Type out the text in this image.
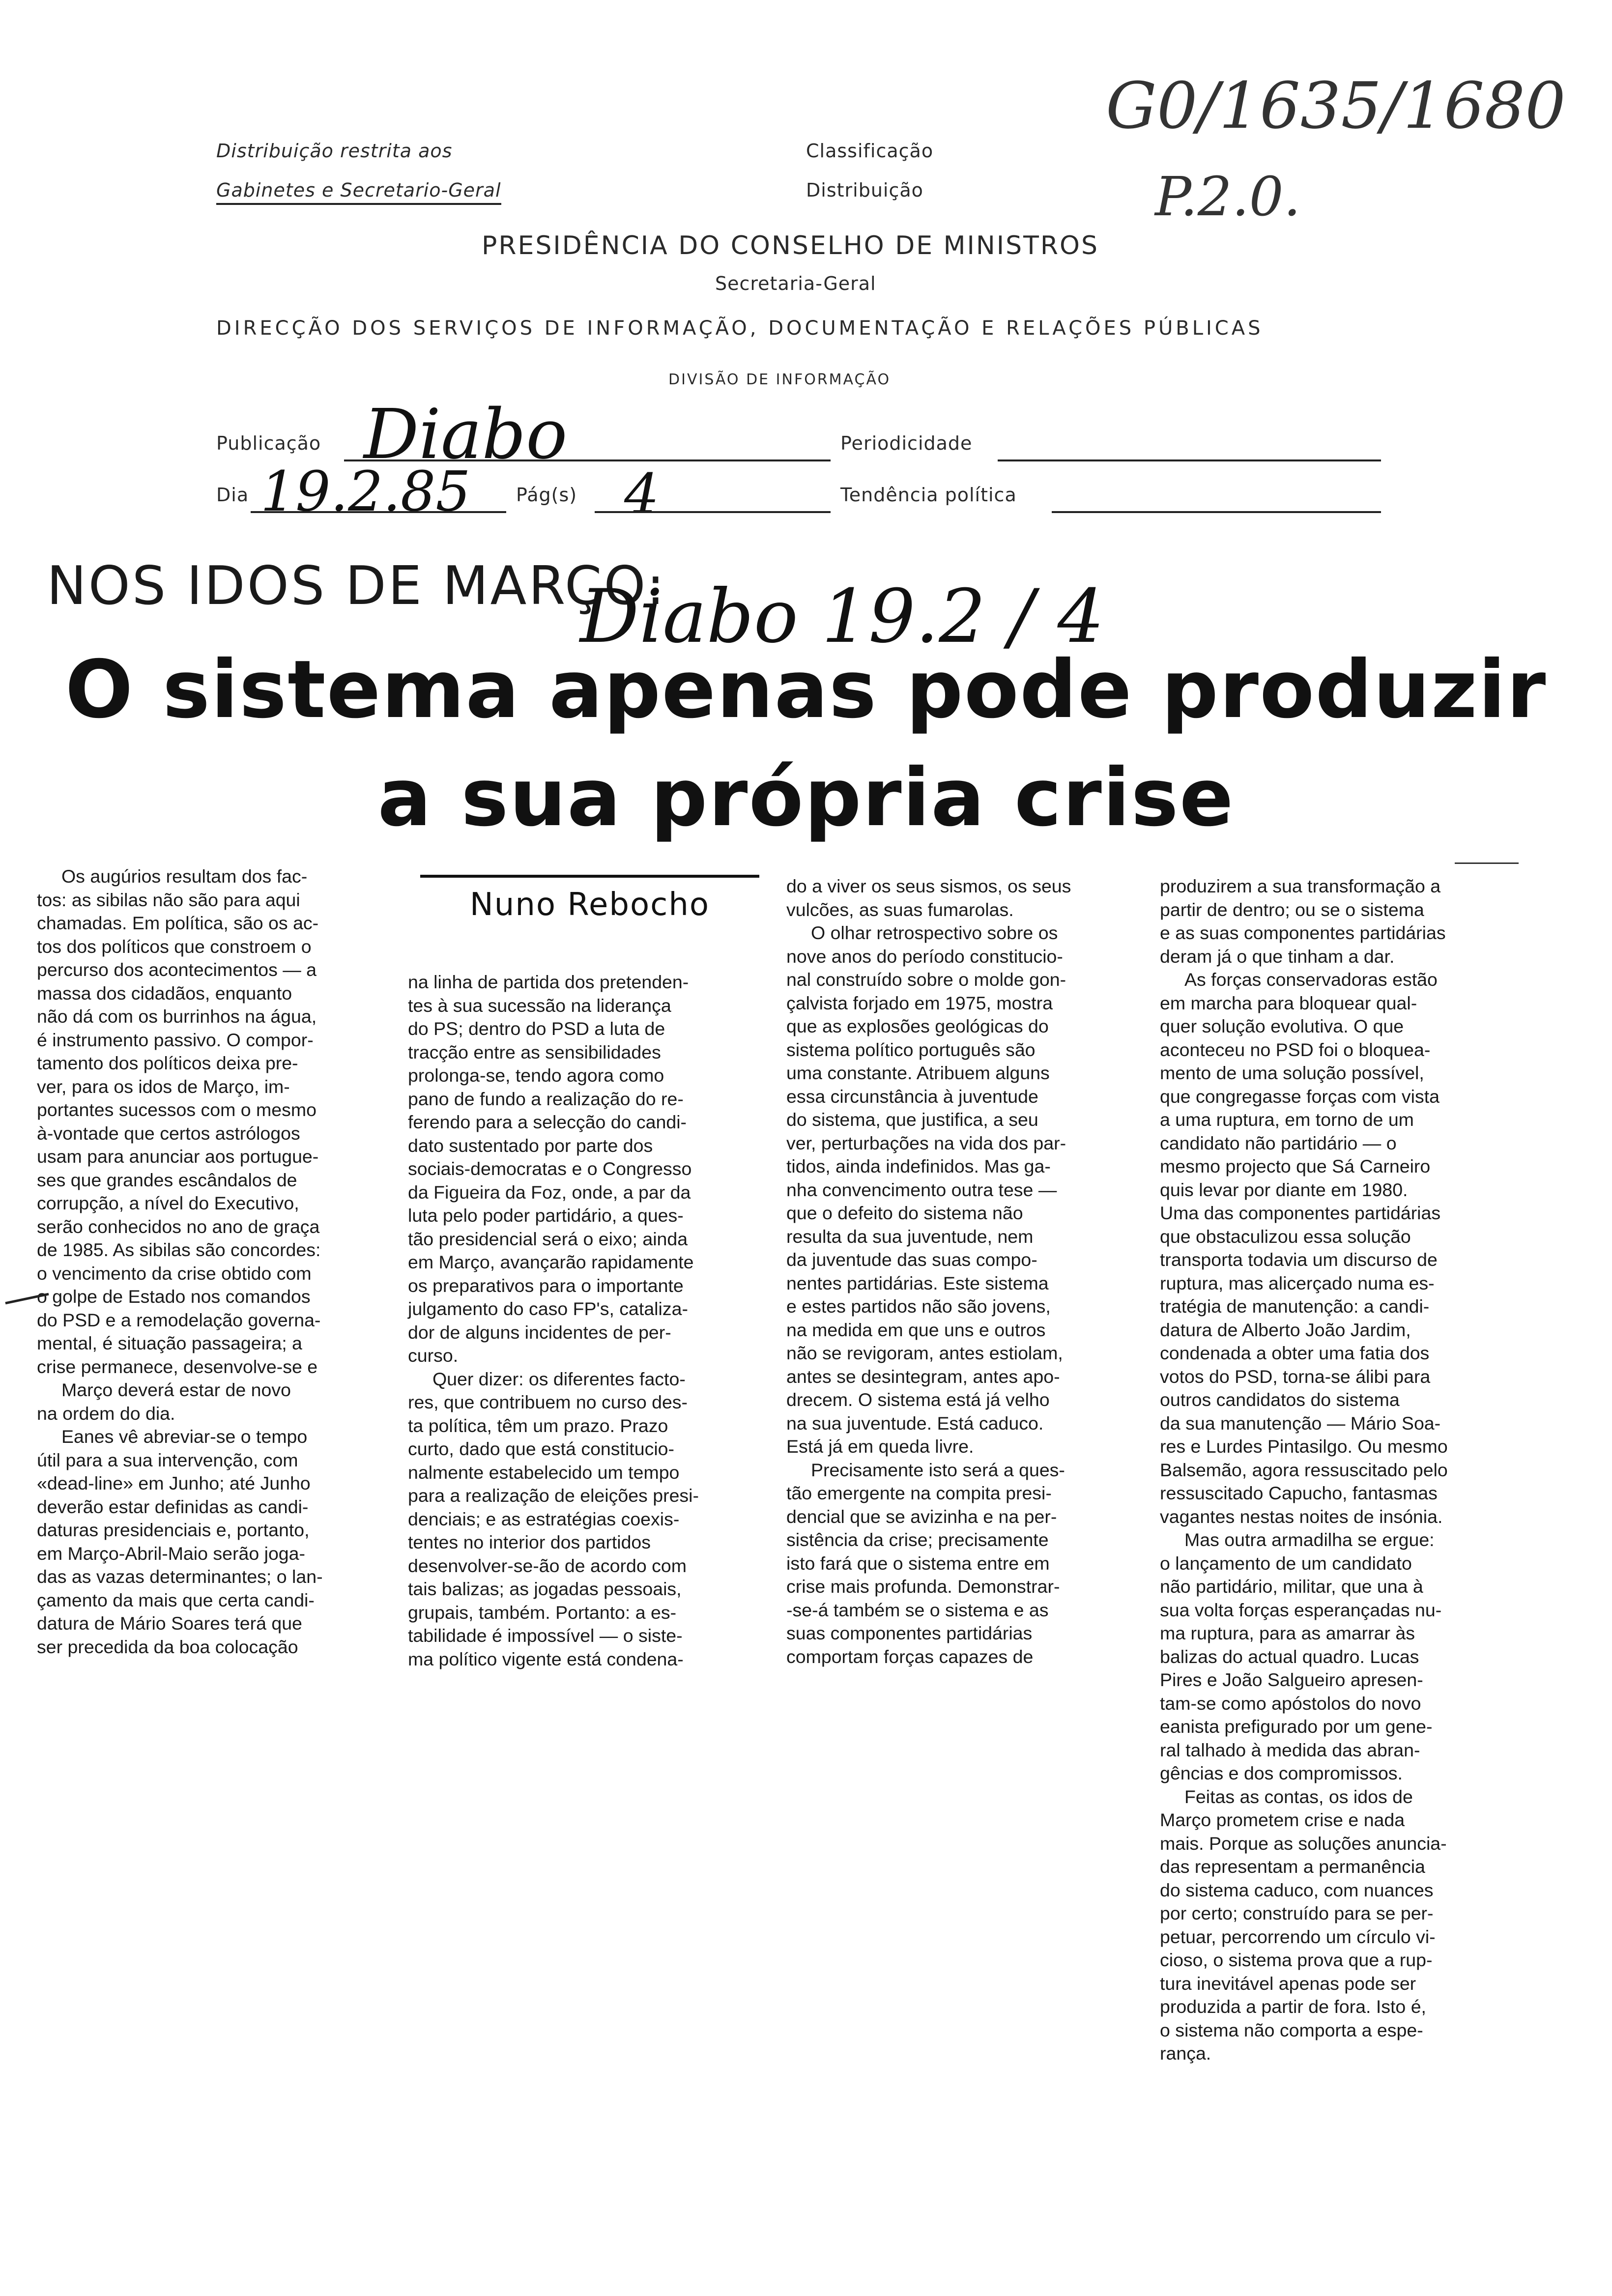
Distribuição restrita aos
Gabinetes e Secretario-Geral
Classificação
Distribuição
PRESIDÊNCIA DO CONSELHO DE MINISTROS
Secretaria-Geral
DIRECÇÃO DOS SERVIÇOS DE INFORMAÇÃO, DOCUMENTAÇÃO E RELAÇÕES PÚBLICAS
DIVISÃO DE INFORMAÇÃO
Publicação Diabo	Periodicidade
Dia 19.2.85 Pág(s) 4	Tendência política
G0/1635/1680
P.2.0.
NOS IDOS DE MARÇO:
Diabo 19.2 / 4
O sistema apenas pode produzir
a sua própria crise
Nuno Rebocho
Os augúrios resultam dos fac-
tos: as sibilas não são para aqui
chamadas. Em política, são os ac-
tos dos políticos que constroem o
percurso dos acontecimentos — a
massa dos cidadãos, enquanto
não dá com os burrinhos na água,
é instrumento passivo. O compor-
tamento dos políticos deixa pre-
ver, para os idos de Março, im-
portantes sucessos com o mesmo
à-vontade que certos astrólogos
usam para anunciar aos portugue-
ses que grandes escândalos de
corrupção, a nível do Executivo,
serão conhecidos no ano de graça
de 1985. As sibilas são concordes:
o vencimento da crise obtido com
o golpe de Estado nos comandos
do PSD e a remodelação governa-
mental, é situação passageira; a
crise permanece, desenvolve-se e
Março deverá estar de novo
na ordem do dia.
Eanes vê abreviar-se o tempo
útil para a sua intervenção, com
«dead-line» em Junho; até Junho
deverão estar definidas as candi-
daturas presidenciais e, portanto,
em Março-Abril-Maio serão joga-
das as vazas determinantes; o lan-
çamento da mais que certa candi-
datura de Mário Soares terá que
ser precedida da boa colocação
na linha de partida dos pretenden-
tes à sua sucessão na liderança
do PS; dentro do PSD a luta de
tracção entre as sensibilidades
prolonga-se, tendo agora como
pano de fundo a realização do re-
ferendo para a selecção do candi-
dato sustentado por parte dos
sociais-democratas e o Congresso
da Figueira da Foz, onde, a par da
luta pelo poder partidário, a ques-
tão presidencial será o eixo; ainda
em Março, avançarão rapidamente
os preparativos para o importante
julgamento do caso FP's, cataliza-
dor de alguns incidentes de per-
curso.
Quer dizer: os diferentes facto-
res, que contribuem no curso des-
ta política, têm um prazo. Prazo
curto, dado que está constitucio-
nalmente estabelecido um tempo
para a realização de eleições presi-
denciais; e as estratégias coexis-
tentes no interior dos partidos
desenvolver-se-ão de acordo com
tais balizas; as jogadas pessoais,
grupais, também. Portanto: a es-
tabilidade é impossível — o siste-
ma político vigente está condena-
do a viver os seus sismos, os seus
vulcões, as suas fumarolas.
O olhar retrospectivo sobre os
nove anos do período constitucio-
nal construído sobre o molde gon-
çalvista forjado em 1975, mostra
que as explosões geológicas do
sistema político português são
uma constante. Atribuem alguns
essa circunstância à juventude
do sistema, que justifica, a seu
ver, perturbações na vida dos par-
tidos, ainda indefinidos. Mas ga-
nha convencimento outra tese —
que o defeito do sistema não
resulta da sua juventude, nem
da juventude das suas compo-
nentes partidárias. Este sistema
e estes partidos não são jovens,
na medida em que uns e outros
não se revigoram, antes estiolam,
antes se desintegram, antes apo-
drecem. O sistema está já velho
na sua juventude. Está caduco.
Está já em queda livre.
Precisamente isto será a ques-
tão emergente na compita presi-
dencial que se avizinha e na per-
sistência da crise; precisamente
isto fará que o sistema entre em
crise mais profunda. Demonstrar-
-se-á também se o sistema e as
suas componentes partidárias
comportam forças capazes de
produzirem a sua transformação a
partir de dentro; ou se o sistema
e as suas componentes partidárias
deram já o que tinham a dar.
As forças conservadoras estão
em marcha para bloquear qual-
quer solução evolutiva. O que
aconteceu no PSD foi o bloquea-
mento de uma solução possível,
que congregasse forças com vista
a uma ruptura, em torno de um
candidato não partidário — o
mesmo projecto que Sá Carneiro
quis levar por diante em 1980.
Uma das componentes partidárias
que obstaculizou essa solução
transporta todavia um discurso de
ruptura, mas alicerçado numa es-
tratégia de manutenção: a candi-
datura de Alberto João Jardim,
condenada a obter uma fatia dos
votos do PSD, torna-se álibi para
outros candidatos do sistema
da sua manutenção — Mário Soa-
res e Lurdes Pintasilgo. Ou mesmo
Balsemão, agora ressuscitado pelo
ressuscitado Capucho, fantasmas
vagantes nestas noites de insónia.
Mas outra armadilha se ergue:
o lançamento de um candidato
não partidário, militar, que una à
sua volta forças esperançadas nu-
ma ruptura, para as amarrar às
balizas do actual quadro. Lucas
Pires e João Salgueiro apresen-
tam-se como apóstolos do novo
eanista prefigurado por um gene-
ral talhado à medida das abran-
gências e dos compromissos.
Feitas as contas, os idos de
Março prometem crise e nada
mais. Porque as soluções anuncia-
das representam a permanência
do sistema caduco, com nuances
por certo; construído para se per-
petuar, percorrendo um círculo vi-
cioso, o sistema prova que a rup-
tura inevitável apenas pode ser
produzida a partir de fora. Isto é,
o sistema não comporta a espe-
rança.
